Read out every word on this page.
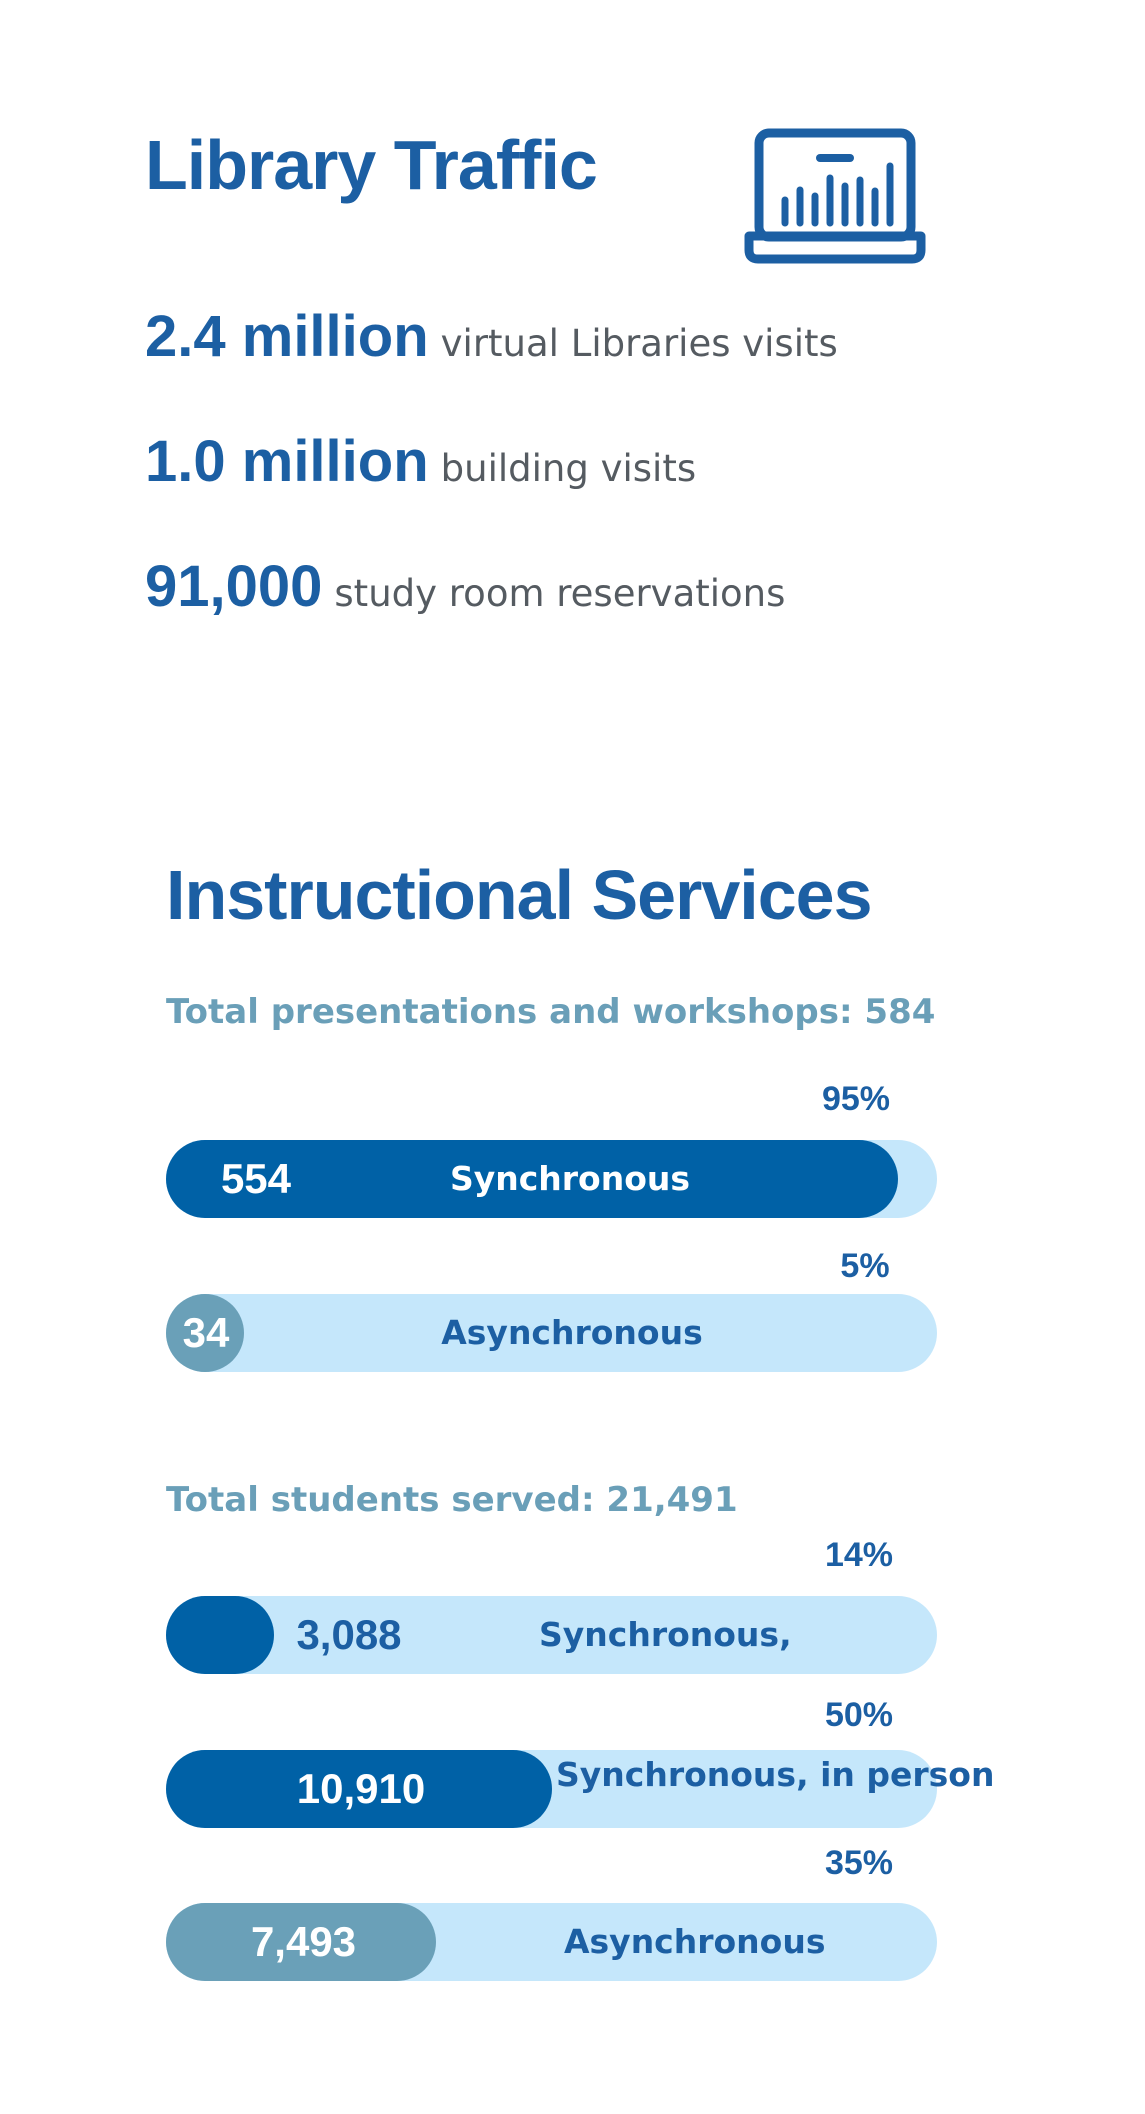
Library Traffic
2.4 million virtual Libraries visits
1.0 million building visits
91,000 study room reservations
Instructional Services

Total presentations and workshops: 584

95%
554	Synchronous
5%
34	Asynchronous

Total students served: 21,491

14%
3,088	Synchronous,
50%
10,910	Synchronous, in person
35%
7,493	Asynchronous
